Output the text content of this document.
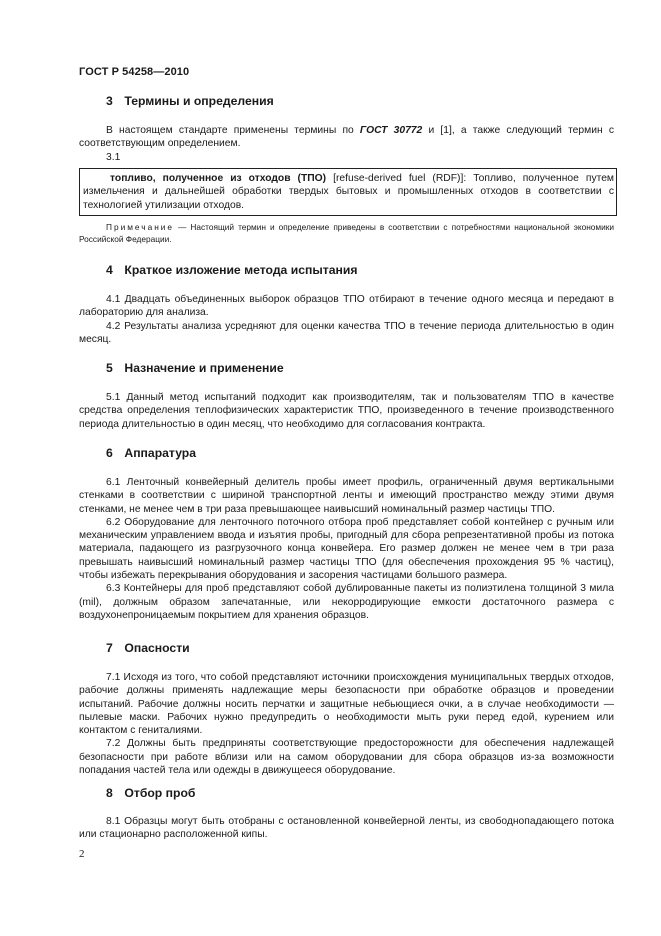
ГОСТ Р 54258—2010
3 Термины и определения

В настоящем стандарте применены термины по ГОСТ 30772 и [1], а также следующий термин с соответствующим определением.

3.1

топливо, полученное из отходов (ТПО) [refuse-derived fuel (RDF)]: Топливо, полученное путем измельчения и дальнейшей обработки твердых бытовых и промышленных отходов в соответствии с технологией утилизации отходов.

Примечание — Настоящий термин и определение приведены в соответствии с потребностями национальной экономики Российской Федерации.
4 Краткое изложение метода испытания

4.1 Двадцать объединенных выборок образцов ТПО отбирают в течение одного месяца и передают в лабораторию для анализа.

4.2 Результаты анализа усредняют для оценки качества ТПО в течение периода длительностью в один месяц.

5 Назначение и применение

5.1 Данный метод испытаний подходит как производителям, так и пользователям ТПО в качестве средства определения теплофизических характеристик ТПО, произведенного в течение производственного периода длительностью в один месяц, что необходимо для согласования контракта.

6 Аппаратура

6.1 Ленточный конвейерный делитель пробы имеет профиль, ограниченный двумя вертикальными стенками в соответствии с шириной транспортной ленты и имеющий пространство между этими двумя стенками, не менее чем в три раза превышающее наивысший номинальный размер частицы ТПО.

6.2 Оборудование для ленточного поточного отбора проб представляет собой контейнер с ручным или механическим управлением ввода и изъятия пробы, пригодный для сбора репрезентативной пробы из потока материала, падающего из разгрузочного конца конвейера. Его размер должен не менее чем в три раза превышать наивысший номинальный размер частицы ТПО (для обеспечения прохождения 95 % частиц), чтобы избежать перекрывания оборудования и засорения частицами большого размера.

6.3 Контейнеры для проб представляют собой дублированные пакеты из полиэтилена толщиной 3 мила (mil), должным образом запечатанные, или некорродирующие емкости достаточного размера с воздухонепроницаемым покрытием для хранения образцов.

7 Опасности

7.1 Исходя из того, что собой представляют источники происхождения муниципальных твердых отходов, рабочие должны применять надлежащие меры безопасности при обработке образцов и проведении испытаний. Рабочие должны носить перчатки и защитные небьющиеся очки, а в случае необходимости — пылевые маски. Рабочих нужно предупредить о необходимости мыть руки перед едой, курением или контактом с гениталиями.

7.2 Должны быть предприняты соответствующие предосторожности для обеспечения надлежащей безопасности при работе вблизи или на самом оборудовании для сбора образцов из-за возможности попадания частей тела или одежды в движущееся оборудование.

8 Отбор проб

8.1 Образцы могут быть отобраны с остановленной конвейерной ленты, из свободнопадающего потока или стационарно расположенной кипы.

2
